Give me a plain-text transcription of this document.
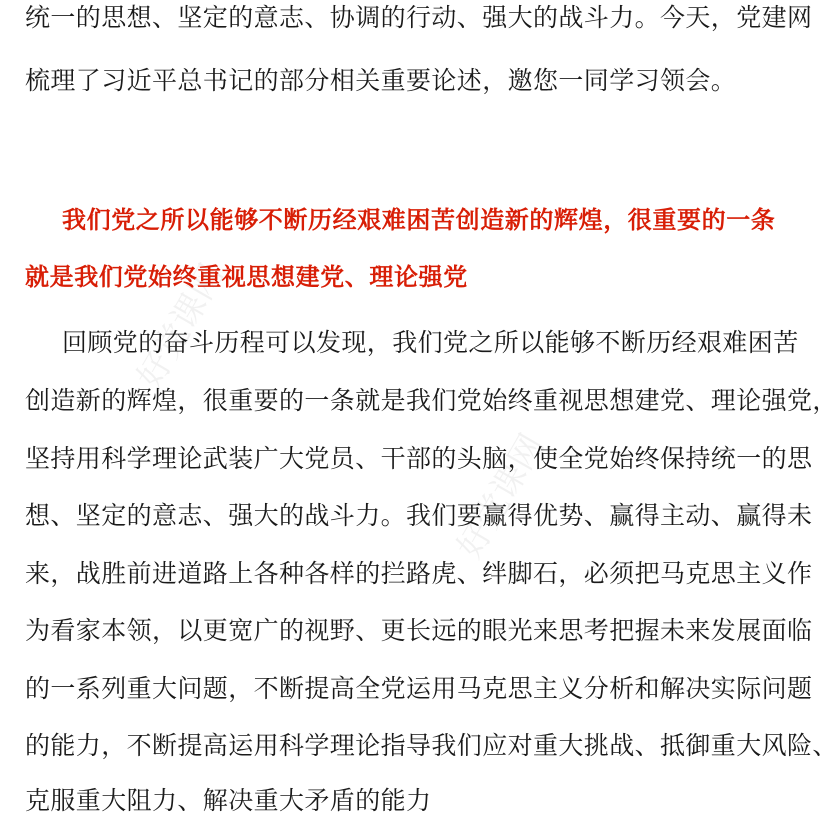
好党课网
好党课网
统一的思想、坚定的意志、协调的行动、强大的战斗力。今天，党建网
梳理了习近平总书记的部分相关重要论述，邀您一同学习领会。
我们党之所以能够不断历经艰难困苦创造新的辉煌，很重要的一条
就是我们党始终重视思想建党、理论强党
回顾党的奋斗历程可以发现，我们党之所以能够不断历经艰难困苦
创造新的辉煌，很重要的一条就是我们党始终重视思想建党、理论强党，
坚持用科学理论武装广大党员、干部的头脑，使全党始终保持统一的思
想、坚定的意志、强大的战斗力。我们要赢得优势、赢得主动、赢得未
来，战胜前进道路上各种各样的拦路虎、绊脚石，必须把马克思主义作
为看家本领，以更宽广的视野、更长远的眼光来思考把握未来发展面临
的一系列重大问题，不断提高全党运用马克思主义分析和解决实际问题
的能力，不断提高运用科学理论指导我们应对重大挑战、抵御重大风险、
克服重大阻力、解决重大矛盾的能力
